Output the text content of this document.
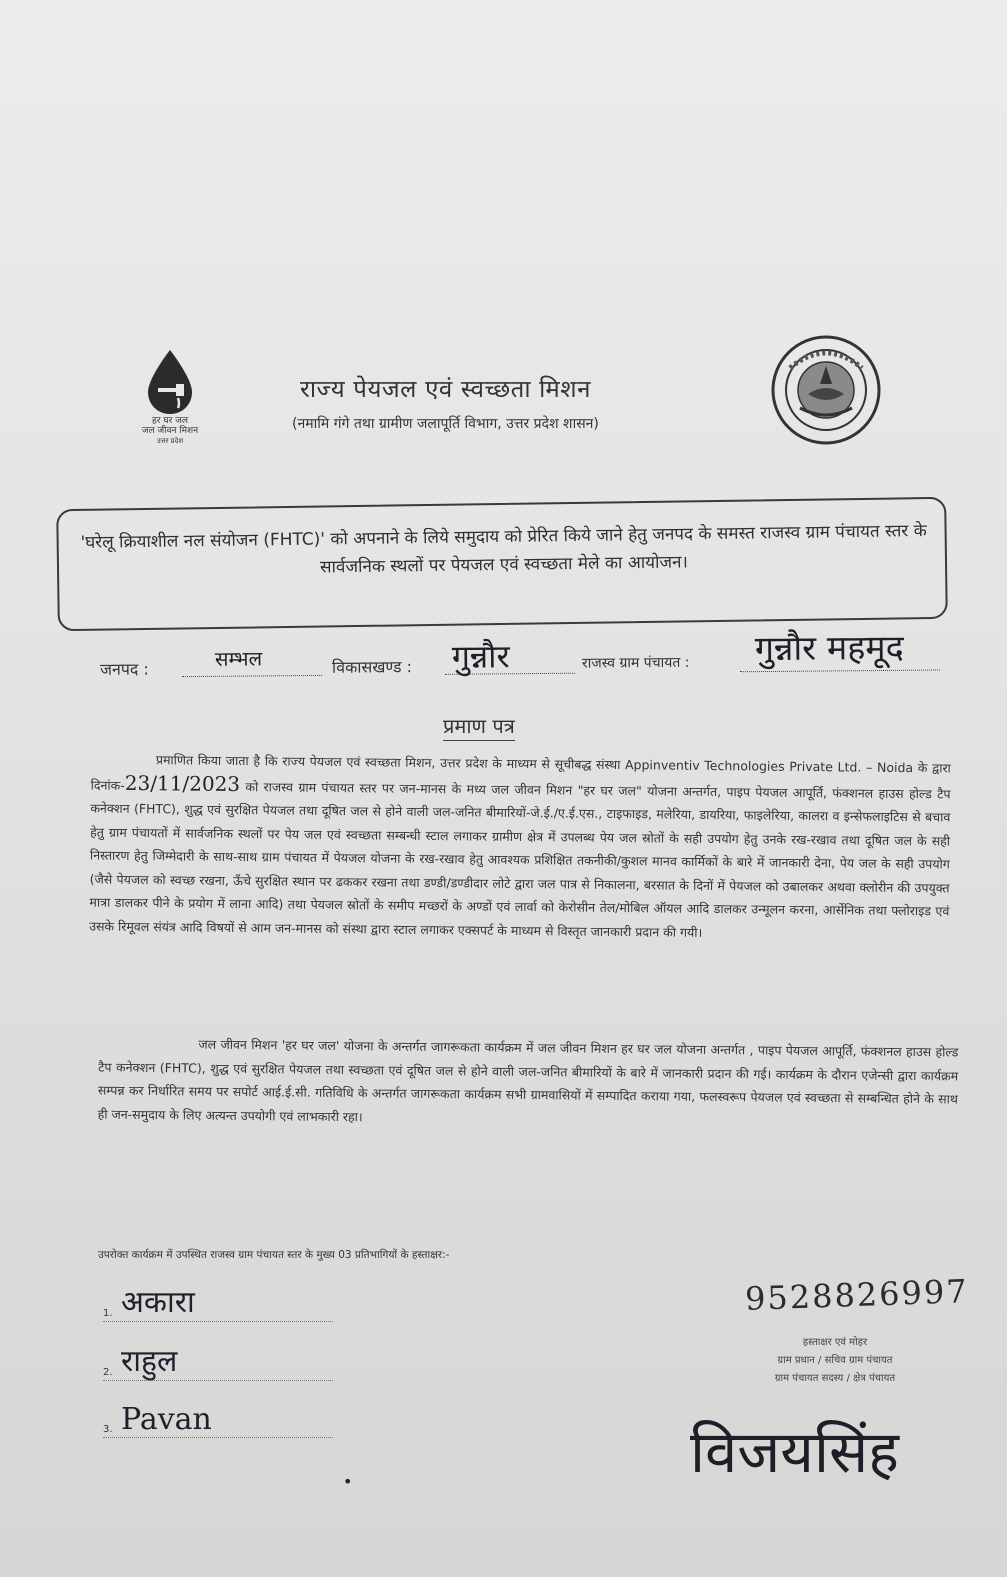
हर घर जल
जल जीवन मिशन
उत्तर प्रदेश
राज्य पेयजल एवं स्वच्छता मिशन
(नमामि गंगे तथा ग्रामीण जलापूर्ति विभाग, उत्तर प्रदेश शासन)
'घरेलू क्रियाशील नल संयोजन (FHTC)' को अपनाने के लिये समुदाय को प्रेरित किये जाने हेतु जनपद के समस्त राजस्व ग्राम पंचायत स्तर के सार्वजनिक स्थलों पर पेयजल एवं स्वच्छता मेले का आयोजन।
जनपद :	सम्भल	विकासखण्ड : गुन्नौर	राजस्व ग्राम पंचायत : गुन्नौर महमूद
प्रमाण पत्र
प्रमाणित किया जाता है कि राज्य पेयजल एवं स्वच्छता मिशन, उत्तर प्रदेश के माध्यम से सूचीबद्ध संस्था Appinventiv Technologies Private Ltd. – Noida के द्वारा दिनांक-23/11/2023 को राजस्व ग्राम पंचायत स्तर पर जन-मानस के मध्य जल जीवन मिशन "हर घर जल" योजना अन्तर्गत, पाइप पेयजल आपूर्ति, फंक्शनल हाउस होल्ड टैप कनेक्शन (FHTC), शुद्ध एवं सुरक्षित पेयजल तथा दूषित जल से होने वाली जल-जनित बीमारियों-जे.ई./ए.ई.एस., टाइफाइड, मलेरिया, डायरिया, फाइलेरिया, कालरा व इन्सेफलाइटिस से बचाव हेतु ग्राम पंचायतों में सार्वजनिक स्थलों पर पेय जल एवं स्वच्छता सम्बन्धी स्टाल लगाकर ग्रामीण क्षेत्र में उपलब्ध पेय जल स्रोतों के सही उपयोग हेतु उनके रख-रखाव तथा दूषित जल के सही निस्तारण हेतु जिम्मेदारी के साथ-साथ ग्राम पंचायत में पेयजल योजना के रख-रखाव हेतु आवश्यक प्रशिक्षित तकनीकी/कुशल मानव कार्मिकों के बारे में जानकारी देना, पेय जल के सही उपयोग (जैसे पेयजल को स्वच्छ रखना, ऊँचे सुरक्षित स्थान पर ढककर रखना तथा डण्डी/डण्डीदार लोटे द्वारा जल पात्र से निकालना, बरसात के दिनों में पेयजल को उबालकर अथवा क्लोरीन की उपयुक्त मात्रा डालकर पीने के प्रयोग में लाना आदि) तथा पेयजल स्रोतों के समीप मच्छरों के अण्डों एवं लार्वा को केरोसीन तेल/मोबिल ऑयल आदि डालकर उन्मूलन करना, आर्सेनिक तथा फ्लोराइड एवं उसके रिमूवल संयंत्र आदि विषयों से आम जन-मानस को संस्था द्वारा स्टाल लगाकर एक्सपर्ट के माध्यम से विस्तृत जानकारी प्रदान की गयी।
जल जीवन मिशन 'हर घर जल' योजना के अन्तर्गत जागरूकता कार्यक्रम में जल जीवन मिशन हर घर जल योजना अन्तर्गत , पाइप पेयजल आपूर्ति, फंक्शनल हाउस होल्ड टैप कनेक्शन (FHTC), शुद्ध एवं सुरक्षित पेयजल तथा स्वच्छता एवं दूषित जल से होने वाली जल-जनित बीमारियों के बारे में जानकारी प्रदान की गई। कार्यक्रम के दौरान एजेन्सी द्वारा कार्यक्रम सम्पन्न कर निर्धारित समय पर सपोर्ट आई.ई.सी. गतिविधि के अन्तर्गत जागरूकता कार्यक्रम सभी ग्रामवासियों में सम्पादित कराया गया, फलस्वरूप पेयजल एवं स्वच्छता से सम्बन्धित होने के साथ ही जन-समुदाय के लिए अत्यन्त उपयोगी एवं लाभकारी रहा।
उपरोक्त कार्यक्रम में उपस्थित राजस्व ग्राम पंचायत स्तर के मुख्य 03 प्रतिभागियों के हस्ताक्षर:-
1. अकारा
2. राहुल
3. Pavan
9528826997
हस्ताक्षर एवं मोहर
ग्राम प्रधान / सचिव ग्राम पंचायत
ग्राम पंचायत सदस्य / क्षेत्र पंचायत
विजयसिंह
•
